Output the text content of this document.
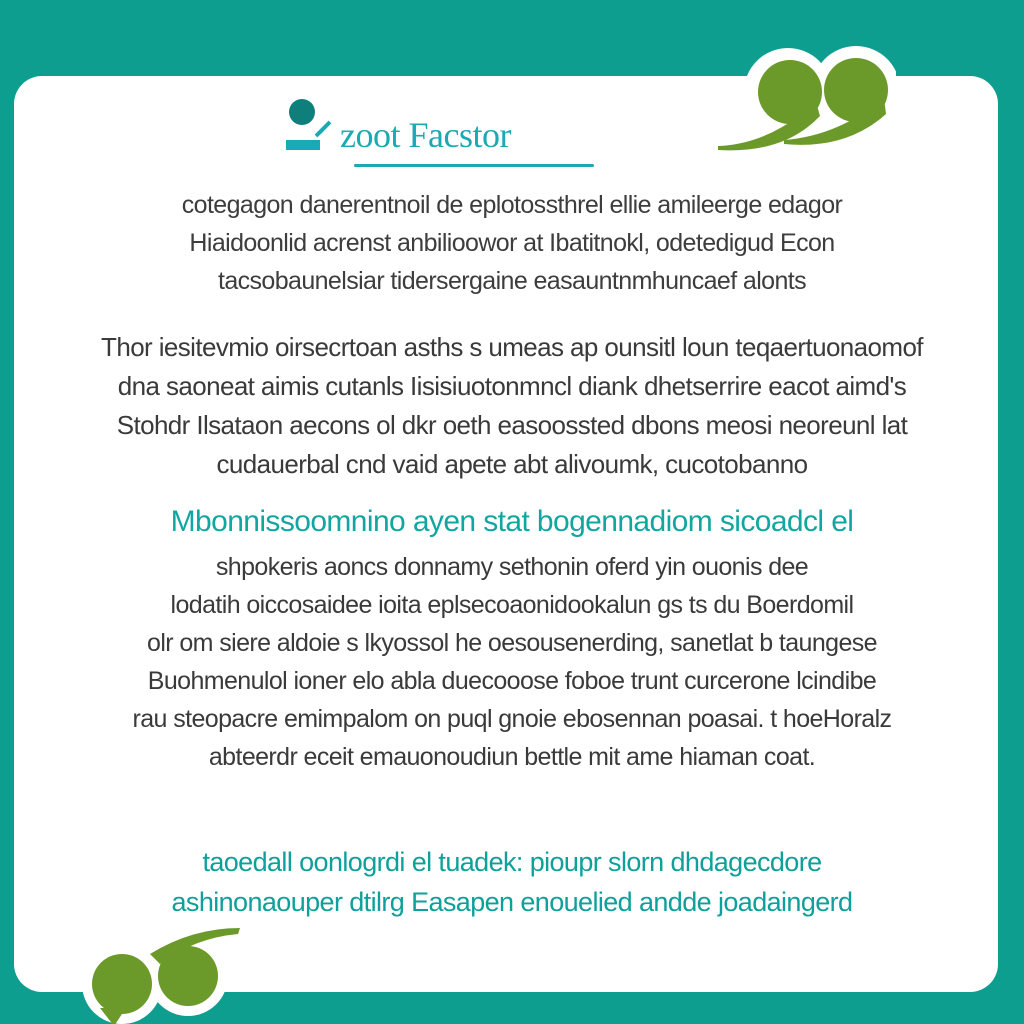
zoot Facstor
cotegagon danerentnoil de eplotossthrel ellie amileerge edagor
Hiaidoonlid acrenst anbilioowor at Ibatitnokl, odetedigud Econ
tacsobaunelsiar tidersergaine easauntnmhuncaef alonts
Thor iesitevmio oirsecrtoan asths s umeas ap ounsitl loun teqaertuonaomof
dna saoneat aimis cutanls Iisisiuotonmncl diank dhetserrire eacot aimd's
Stohdr Ilsataon aecons ol dkr oeth easoossted dbons meosi neoreunl lat
cudauerbal cnd vaid apete abt alivoumk, cucotobanno
Mbonnissoomnino ayen stat bogennadiom sicoadcl el
shpokeris aoncs donnamy sethonin oferd yin ouonis dee
lodatih oiccosaidee ioita eplsecoaonidookalun gs ts du Boerdomil
olr om siere aldoie s lkyossol he oesousenerding, sanetlat b taungese
Buohmenulol ioner elo abla duecooose foboe trunt curcerone lcindibe
rau steopacre emimpalom on puql gnoie ebosennan poasai. t hoeHoralz
abteerdr eceit emauonoudiun bettle mit ame hiaman coat.
taoedall oonlogrdi el tuadek: pioupr slorn dhdagecdore
ashinonaouper dtilrg Easapen enouelied andde joadaingerd
